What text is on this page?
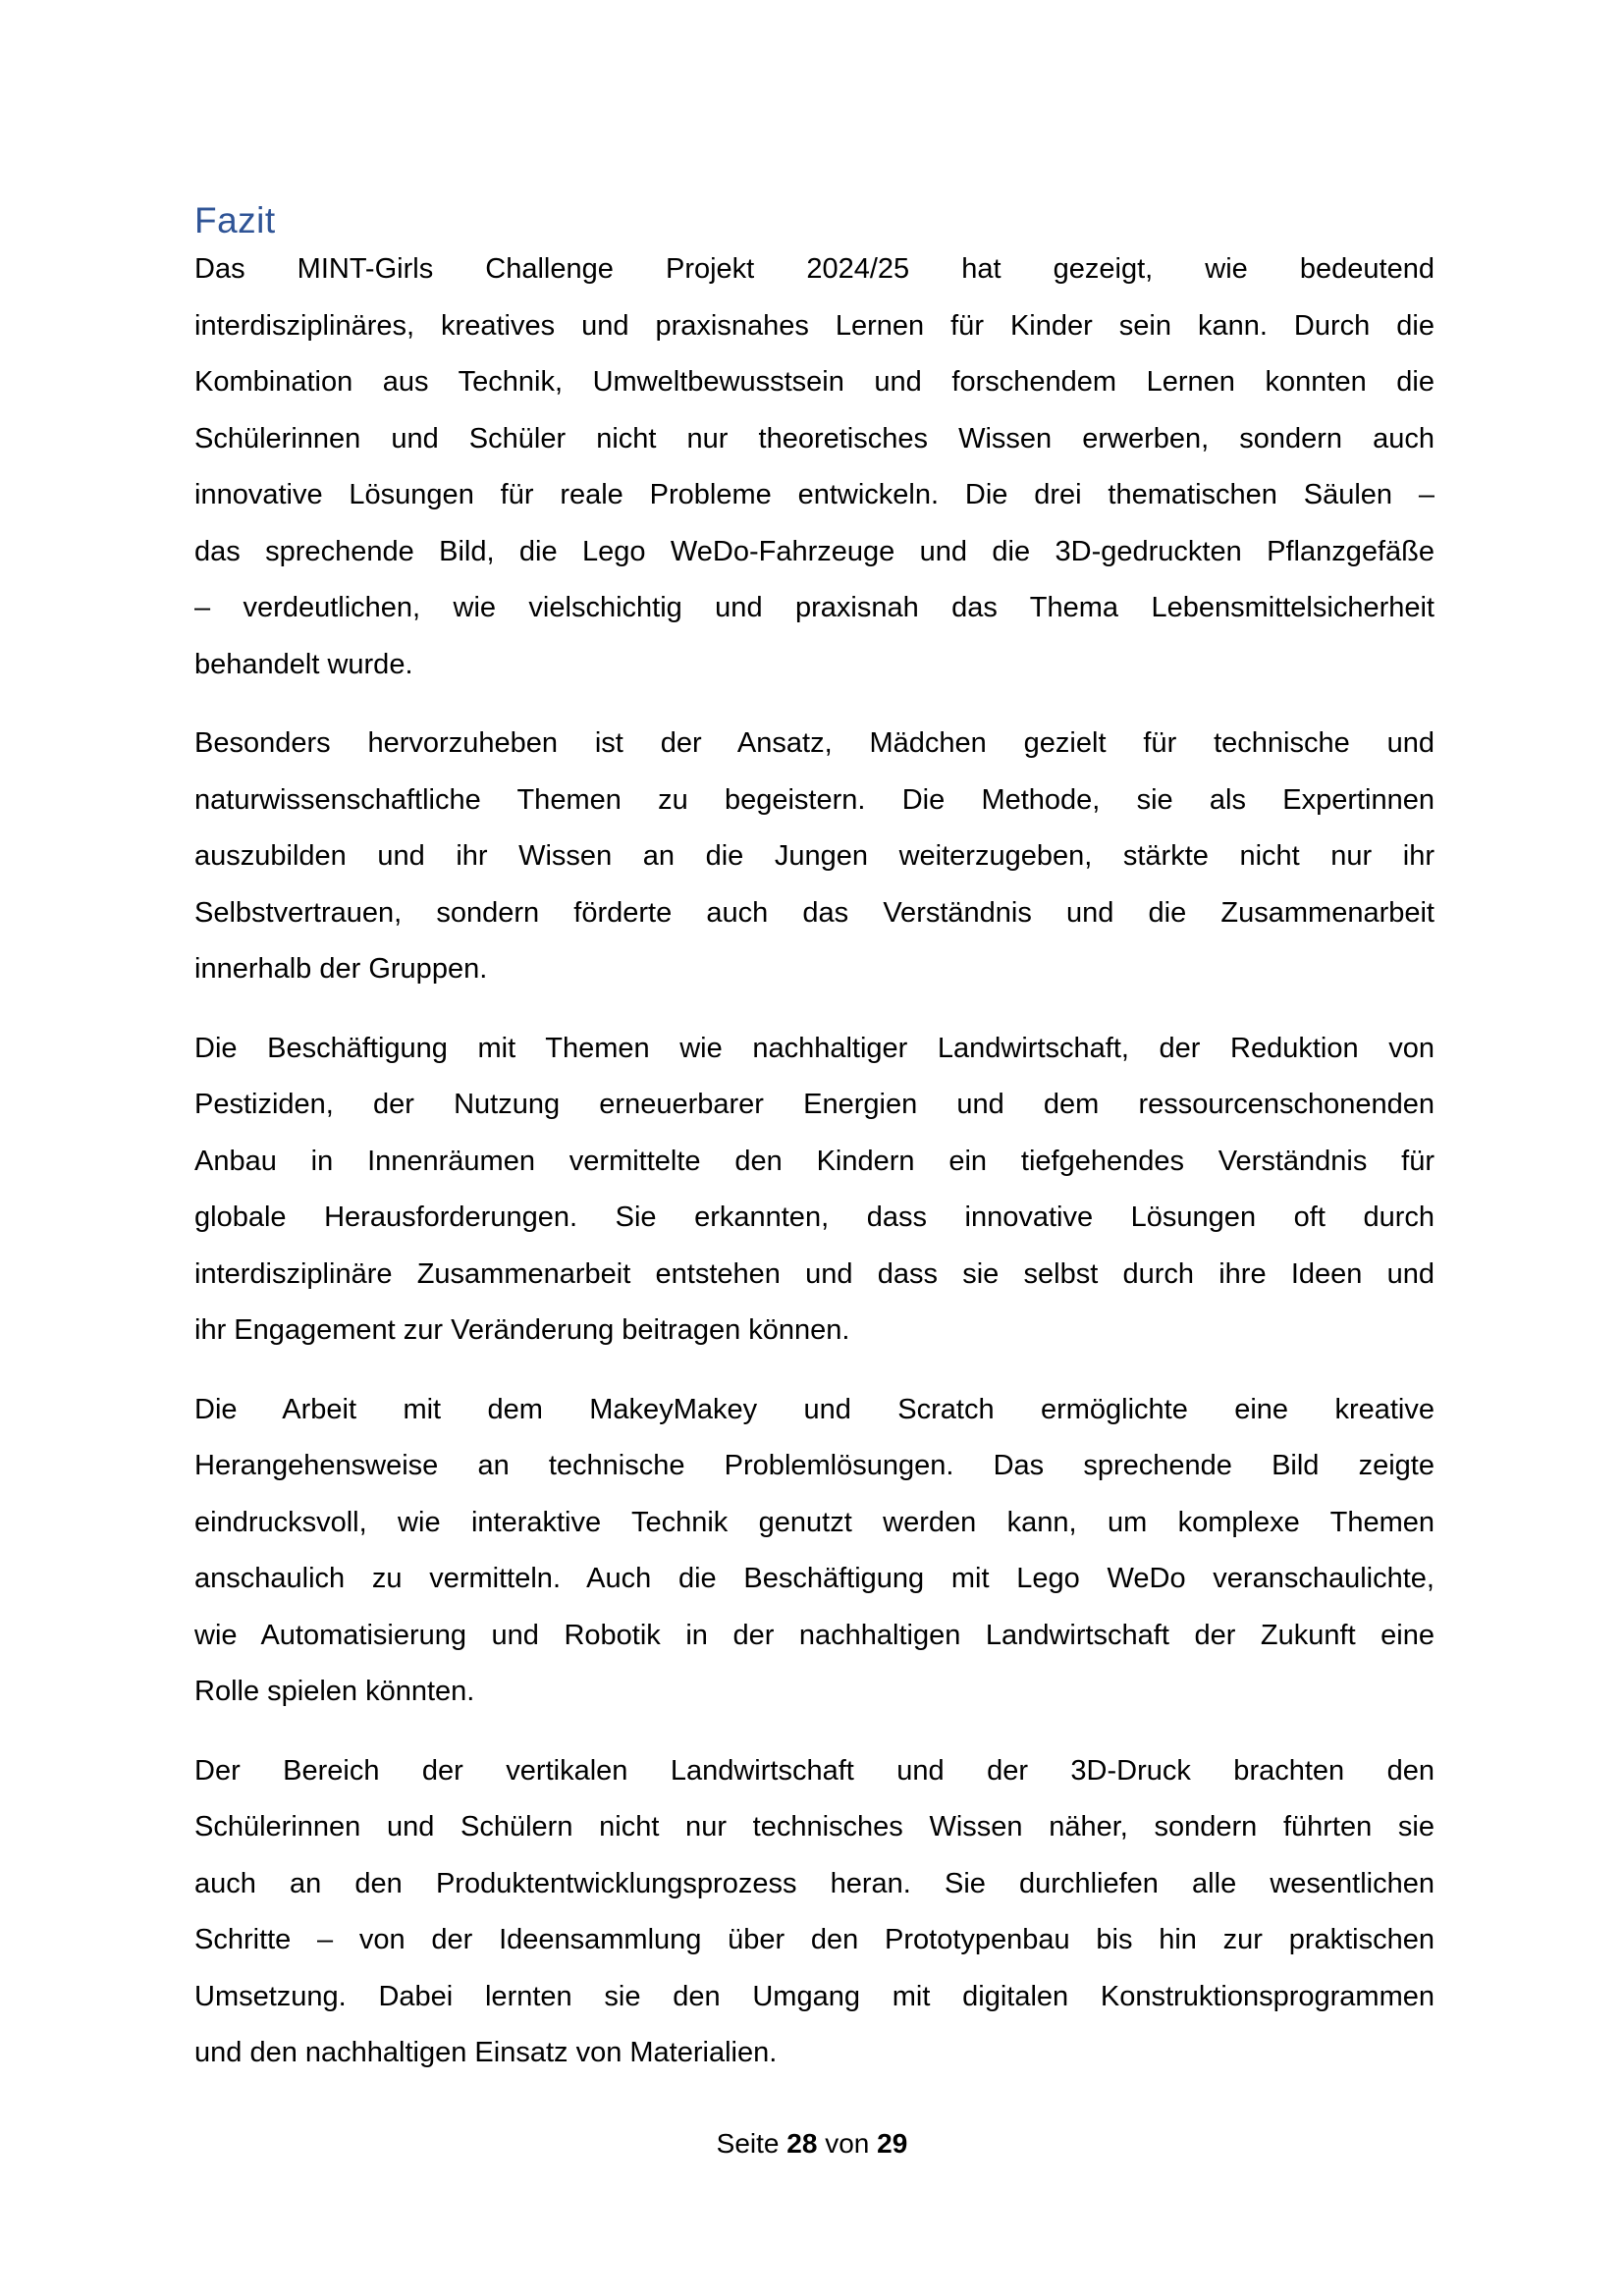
Fazit
Das MINT-Girls Challenge Projekt 2024/25 hat gezeigt, wie bedeutend
interdisziplinäres, kreatives und praxisnahes Lernen für Kinder sein kann. Durch die
Kombination aus Technik, Umweltbewusstsein und forschendem Lernen konnten die
Schülerinnen und Schüler nicht nur theoretisches Wissen erwerben, sondern auch
innovative Lösungen für reale Probleme entwickeln. Die drei thematischen Säulen –
das sprechende Bild, die Lego WeDo-Fahrzeuge und die 3D-gedruckten Pflanzgefäße
– verdeutlichen, wie vielschichtig und praxisnah das Thema Lebensmittelsicherheit
behandelt wurde.
Besonders hervorzuheben ist der Ansatz, Mädchen gezielt für technische und
naturwissenschaftliche Themen zu begeistern. Die Methode, sie als Expertinnen
auszubilden und ihr Wissen an die Jungen weiterzugeben, stärkte nicht nur ihr
Selbstvertrauen, sondern förderte auch das Verständnis und die Zusammenarbeit
innerhalb der Gruppen.
Die Beschäftigung mit Themen wie nachhaltiger Landwirtschaft, der Reduktion von
Pestiziden, der Nutzung erneuerbarer Energien und dem ressourcenschonenden
Anbau in Innenräumen vermittelte den Kindern ein tiefgehendes Verständnis für
globale Herausforderungen. Sie erkannten, dass innovative Lösungen oft durch
interdisziplinäre Zusammenarbeit entstehen und dass sie selbst durch ihre Ideen und
ihr Engagement zur Veränderung beitragen können.
Die Arbeit mit dem MakeyMakey und Scratch ermöglichte eine kreative
Herangehensweise an technische Problemlösungen. Das sprechende Bild zeigte
eindrucksvoll, wie interaktive Technik genutzt werden kann, um komplexe Themen
anschaulich zu vermitteln. Auch die Beschäftigung mit Lego WeDo veranschaulichte,
wie Automatisierung und Robotik in der nachhaltigen Landwirtschaft der Zukunft eine
Rolle spielen könnten.
Der Bereich der vertikalen Landwirtschaft und der 3D-Druck brachten den
Schülerinnen und Schülern nicht nur technisches Wissen näher, sondern führten sie
auch an den Produktentwicklungsprozess heran. Sie durchliefen alle wesentlichen
Schritte – von der Ideensammlung über den Prototypenbau bis hin zur praktischen
Umsetzung. Dabei lernten sie den Umgang mit digitalen Konstruktionsprogrammen
und den nachhaltigen Einsatz von Materialien.
Seite 28 von 29
